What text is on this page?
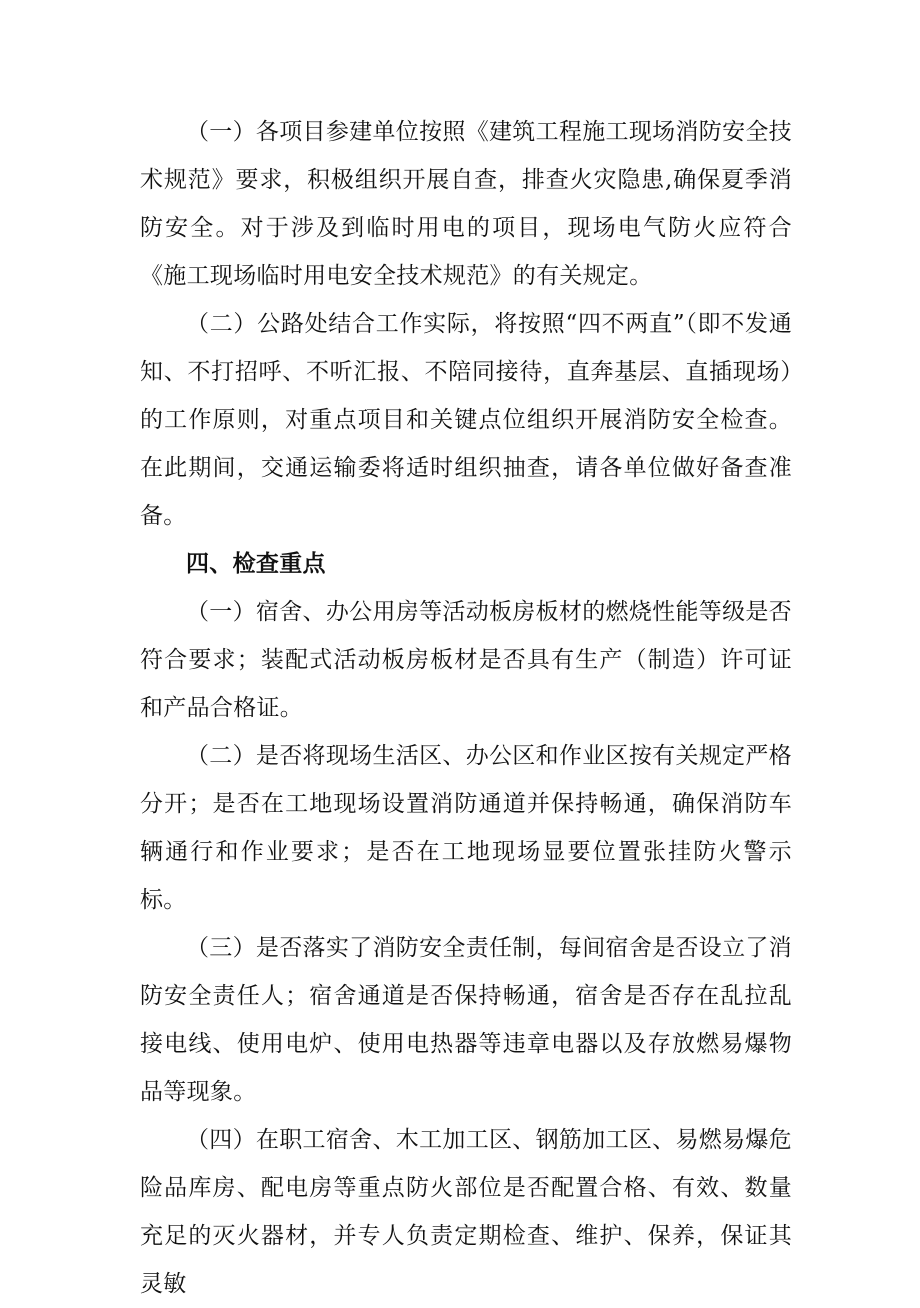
（一）各项目参建单位按照《建筑工程施工现场消防安全技术规范》要求，积极组织开展自查，排查火灾隐患,确保夏季消防安全。对于涉及到临时用电的项目，现场电气防火应符合《施工现场临时用电安全技术规范》的有关规定。

（二）公路处结合工作实际，将按照“四不两直”（即不发通知、不打招呼、不听汇报、不陪同接待，直奔基层、直插现场）的工作原则，对重点项目和关键点位组织开展消防安全检查。在此期间，交通运输委将适时组织抽查，请各单位做好备查准备。

四、检查重点

（一）宿舍、办公用房等活动板房板材的燃烧性能等级是否符合要求；装配式活动板房板材是否具有生产（制造）许可证和产品合格证。

（二）是否将现场生活区、办公区和作业区按有关规定严格分开；是否在工地现场设置消防通道并保持畅通，确保消防车辆通行和作业要求；是否在工地现场显要位置张挂防火警示标。

（三）是否落实了消防安全责任制，每间宿舍是否设立了消防安全责任人；宿舍通道是否保持畅通，宿舍是否存在乱拉乱接电线、使用电炉、使用电热器等违章电器以及存放燃易爆物品等现象。

（四）在职工宿舍、木工加工区、钢筋加工区、易燃易爆危险品库房、配电房等重点防火部位是否配置合格、有效、数量充足的灭火器材，并专人负责定期检查、维护、保养，保证其灵敏
